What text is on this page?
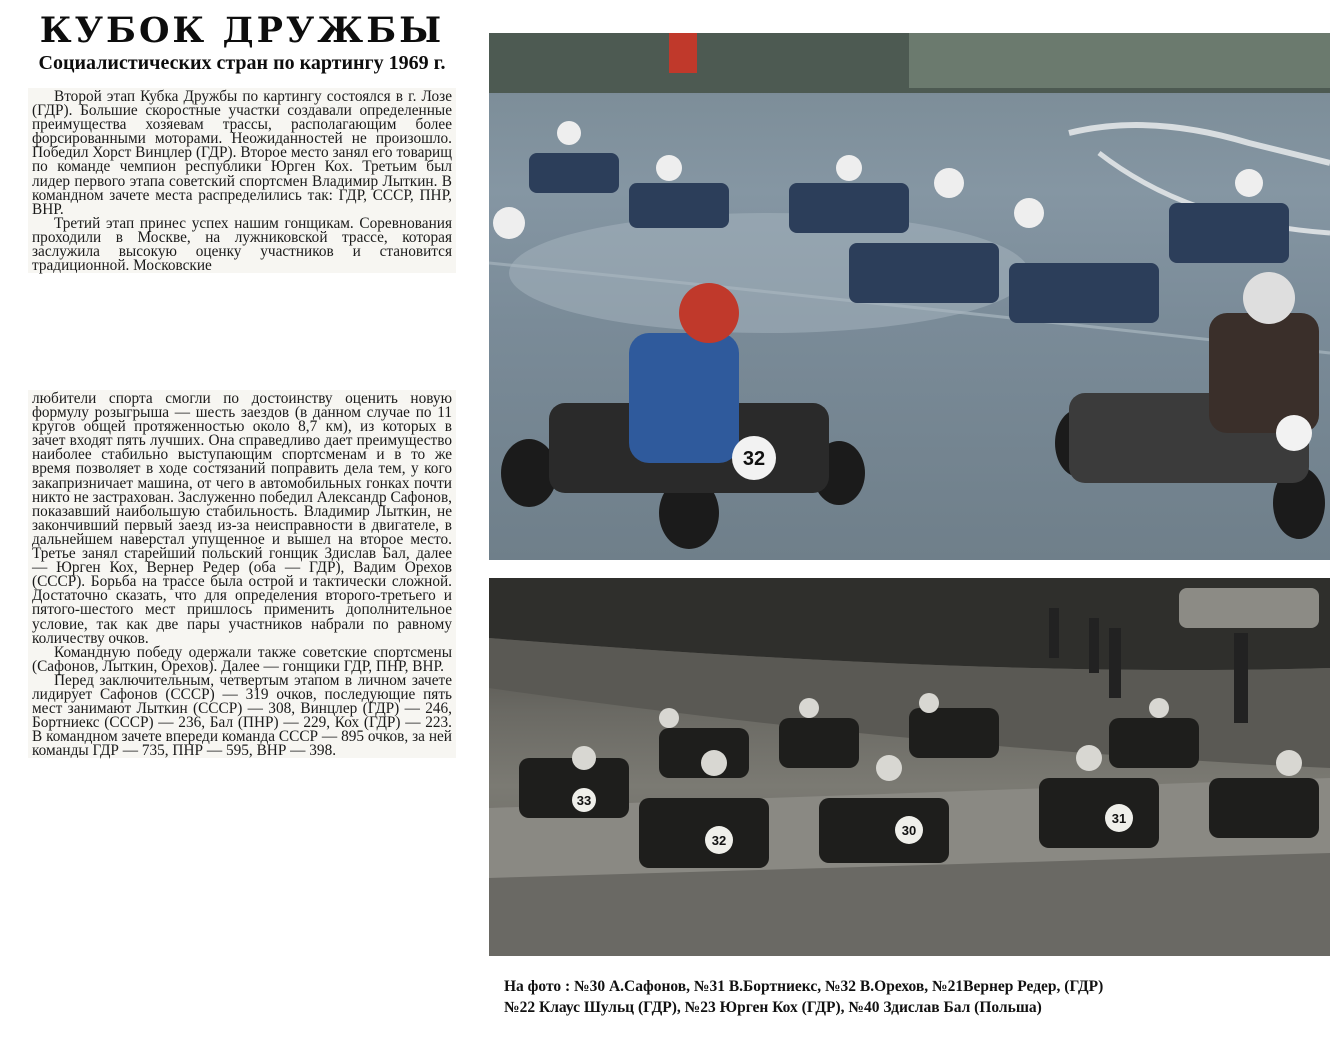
КУБОК ДРУЖБЫ
Социалистических стран по картингу 1969 г.

Второй этап Кубка Дружбы по картингу состоялся в г. Лозе (ГДР). Большие скоростные участки создавали определенные преимущества хозяевам трассы, располагающим более форсированными моторами. Неожиданностей не произошло. Победил Хорст Винцлер (ГДР). Второе место занял его товарищ по команде чемпион республики Юрген Кох. Третьим был лидер первого этапа советский спортсмен Владимир Лыткин. В командном зачете места распределились так: ГДР, СССР, ПНР, ВНР.

Третий этап принес успех нашим гонщикам. Соревнования проходили в Москве, на лужниковской трассе, которая заслужила высокую оценку участников и становится традиционной. Московские

любители спорта смогли по достоинству оценить новую формулу розыгрыша — шесть заездов (в данном случае по 11 кругов общей протяженностью около 8,7 км), из которых в зачет входят пять лучших. Она справедливо дает преимущество наиболее стабильно выступающим спортсменам и в то же время позволяет в ходе состязаний поправить дела тем, у кого закапризничает машина, от чего в автомобильных гонках почти никто не застрахован. Заслуженно победил Александр Сафонов, показавший наибольшую стабильность. Владимир Лыткин, не закончивший первый заезд из-за неисправности в двигателе, в дальнейшем наверстал упущенное и вышел на второе место. Третье занял старейший польский гонщик Здислав Бал, далее — Юрген Кох, Вернер Редер (оба — ГДР), Вадим Орехов (СССР). Борьба на трассе была острой и тактически сложной. Достаточно сказать, что для определения второго-третьего и пятого-шестого мест пришлось применить дополнительное условие, так как две пары участников набрали по равному количеству очков.

Командную победу одержали также советские спортсмены (Сафонов, Лыткин, Орехов). Далее — гонщики ГДР, ПНР, ВНР.

Перед заключительным, четвертым этапом в личном зачете лидирует Сафонов (СССР) — 319 очков, последующие пять мест занимают Лыткин (СССР) — 308, Винцлер (ГДР) — 246, Бортниекс (СССР) — 236, Бал (ПНР) — 229, Кох (ГДР) — 223. В командном зачете впереди команда СССР — 895 очков, за ней команды ГДР — 735, ПНР — 595, ВНР — 398.

32
32
30
31
33
На фото : №30 А.Сафонов, №31 В.Бортниекс, №32 В.Орехов, №21Вернер Редер, (ГДР)
№22 Клаус Шульц (ГДР), №23 Юрген Кох (ГДР), №40 Здислав Бал (Польша)
